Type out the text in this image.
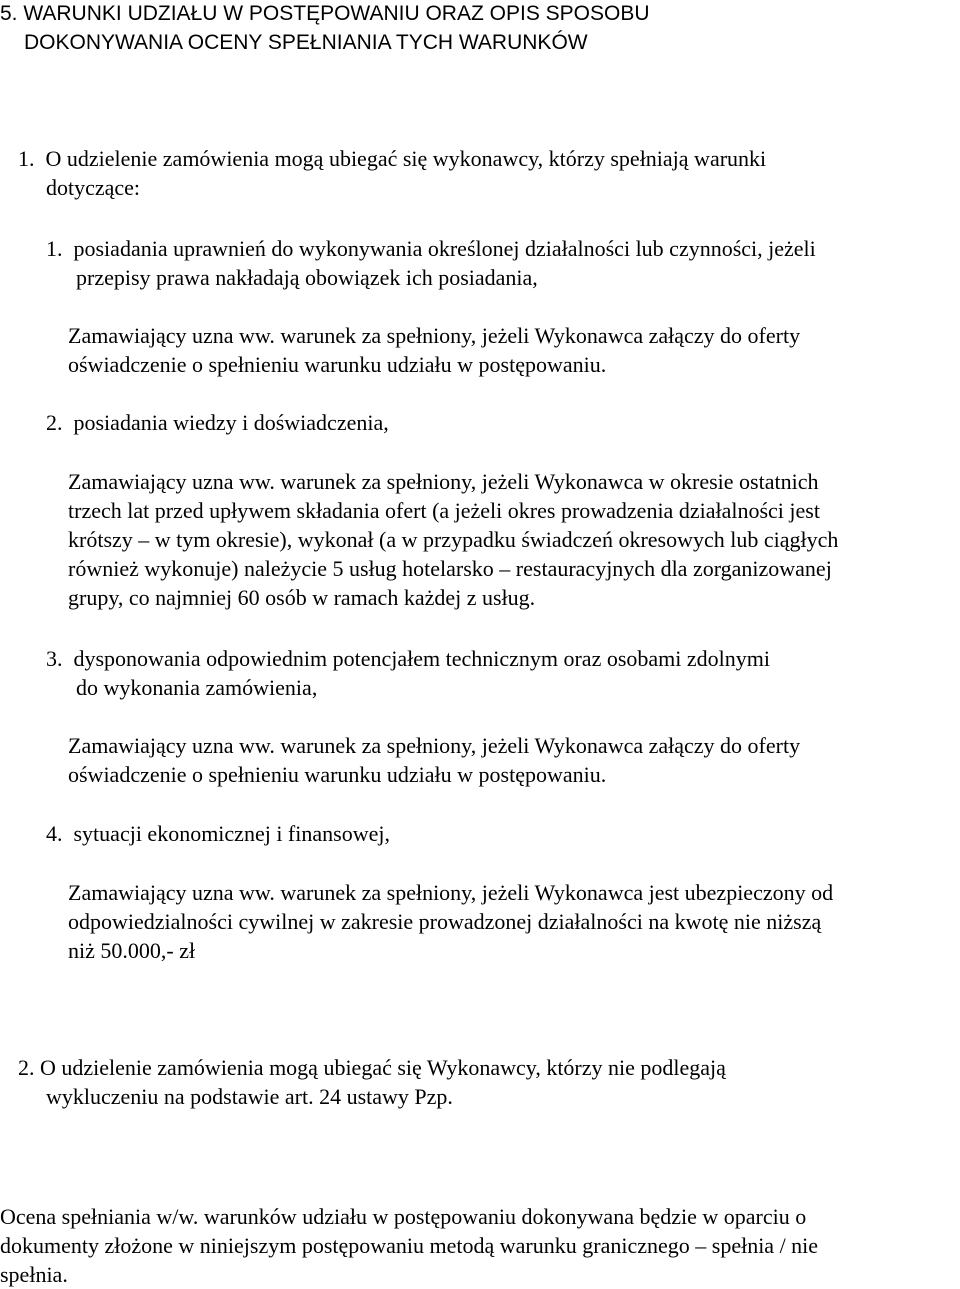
5. WARUNKI UDZIAŁU W POSTĘPOWANIU ORAZ OPIS SPOSOBU
DOKONYWANIA OCENY SPEŁNIANIA TYCH WARUNKÓW
1.  O udzielenie zamówienia mogą ubiegać się wykonawcy, którzy spełniają warunki
dotyczące:
1.  posiadania uprawnień do wykonywania określonej działalności lub czynności, jeżeli
przepisy prawa nakładają obowiązek ich posiadania,
Zamawiający uzna ww. warunek za spełniony, jeżeli Wykonawca załączy do oferty
oświadczenie o spełnieniu warunku udziału w postępowaniu.
2.  posiadania wiedzy i doświadczenia,
Zamawiający uzna ww. warunek za spełniony, jeżeli Wykonawca w okresie ostatnich
trzech lat przed upływem składania ofert (a jeżeli okres prowadzenia działalności jest
krótszy – w tym okresie), wykonał (a w przypadku świadczeń okresowych lub ciągłych
również wykonuje) należycie 5 usług hotelarsko – restauracyjnych dla zorganizowanej
grupy, co najmniej 60 osób w ramach każdej z usług.
3.  dysponowania odpowiednim potencjałem technicznym oraz osobami zdolnymi
do wykonania zamówienia,
Zamawiający uzna ww. warunek za spełniony, jeżeli Wykonawca załączy do oferty
oświadczenie o spełnieniu warunku udziału w postępowaniu.
4.  sytuacji ekonomicznej i finansowej,
Zamawiający uzna ww. warunek za spełniony, jeżeli Wykonawca jest ubezpieczony od
odpowiedzialności cywilnej w zakresie prowadzonej działalności na kwotę nie niższą
niż 50.000,- zł
2. O udzielenie zamówienia mogą ubiegać się Wykonawcy, którzy nie podlegają
wykluczeniu na podstawie art. 24 ustawy Pzp.
Ocena spełniania w/w. warunków udziału w postępowaniu dokonywana będzie w oparciu o
dokumenty złożone w niniejszym postępowaniu metodą warunku granicznego – spełnia / nie
spełnia.
